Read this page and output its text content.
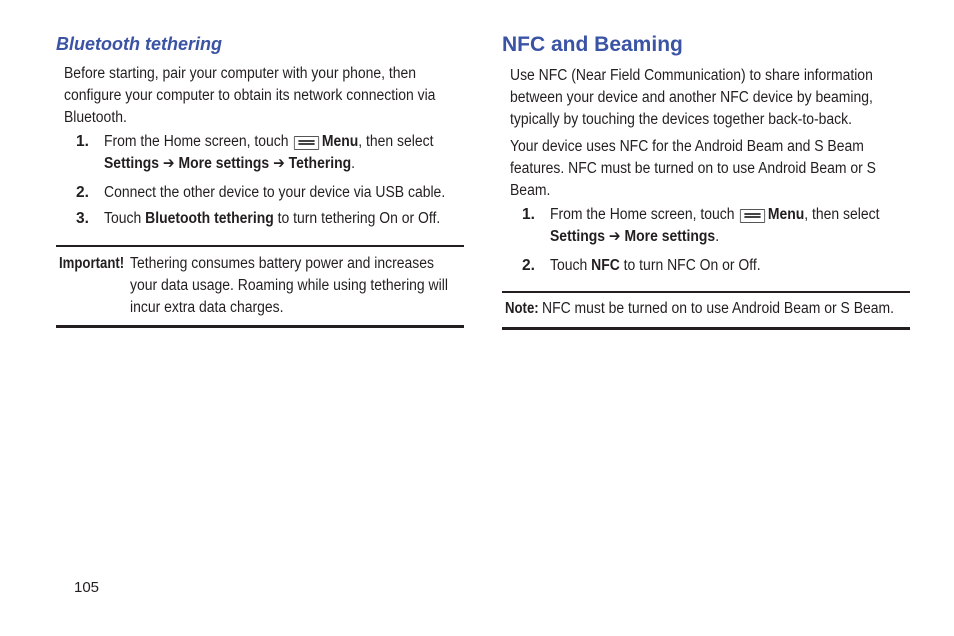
Bluetooth tethering

Before starting, pair your computer with your phone, then configure your computer to obtain its network connection via Bluetooth.

1. From the Home screen, touch Menu, then select
Settings ➔ More settings ➔ Tethering.
2. Connect the other device to your device via USB cable.
3. Touch Bluetooth tethering to turn tethering On or Off.
Important! Tethering consumes battery power and increases your data usage. Roaming while using tethering will incur extra data charges.
NFC and Beaming

Use NFC (Near Field Communication) to share information between your device and another NFC device by beaming, typically by touching the devices together back-to-back.

Your device uses NFC for the Android Beam and S Beam features. NFC must be turned on to use Android Beam or S Beam.

1. From the Home screen, touch Menu, then select
Settings ➔ More settings.
2. Touch NFC to turn NFC On or Off.
Note: NFC must be turned on to use Android Beam or S Beam.
105
